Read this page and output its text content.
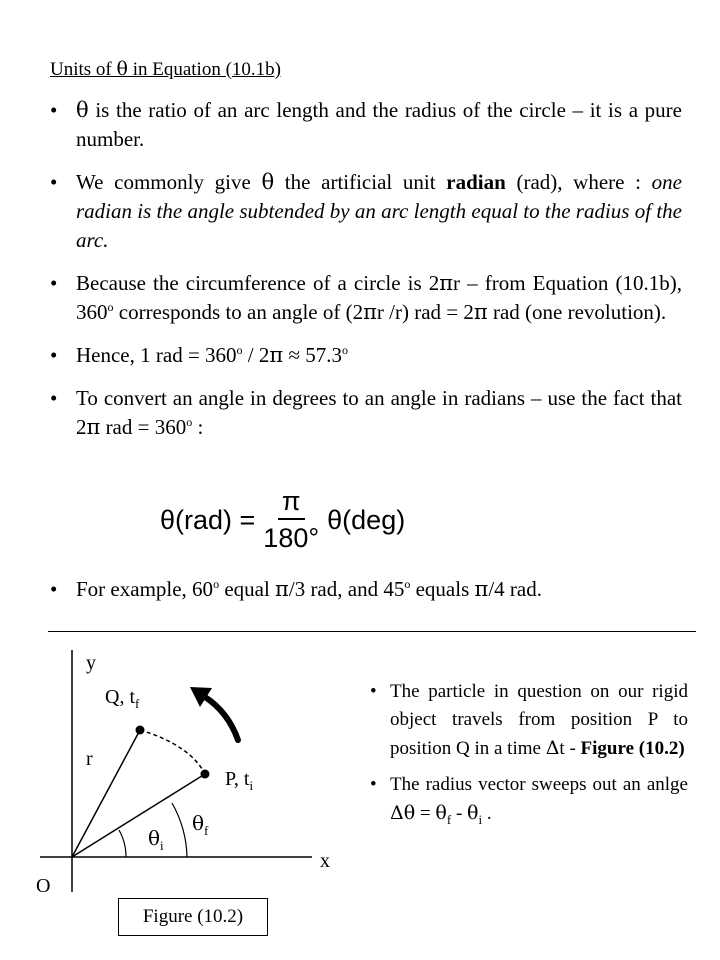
Units of θ in Equation (10.1b)
• θ is the ratio of an arc length and the radius of the circle – it is a pure number.
• We commonly give θ the artificial unit radian (rad), where : one radian is the angle subtended by an arc length equal to the radius of the arc.
• Because the circumference of a circle is 2πr – from Equation (10.1b), 360$^o$ corresponds to an angle of (2πr /r) rad = 2π rad (one revolution).
• Hence, 1 rad = $360^o / 2\pi \approx 57.3^o$
• To convert an angle in degrees to an angle in radians – use the fact that 2π rad = $360^o$ :
$\theta(rad) = \frac{\pi}{180^\circ} \theta(deg)$
• For example, 60$^o$ equal π/3 rad, and 45$^o$ equals π/4 rad.
y
x
O
r
Q, $t_f$
P, $t_i$
$\theta_i$
$\theta_f$
Figure (10.2)
• The particle in question on our rigid object travels from position P to position Q in a time Δt - Figure (10.2)
• The radius vector sweeps out an anlge $\Delta\theta = \theta_f - \theta_i$ .
